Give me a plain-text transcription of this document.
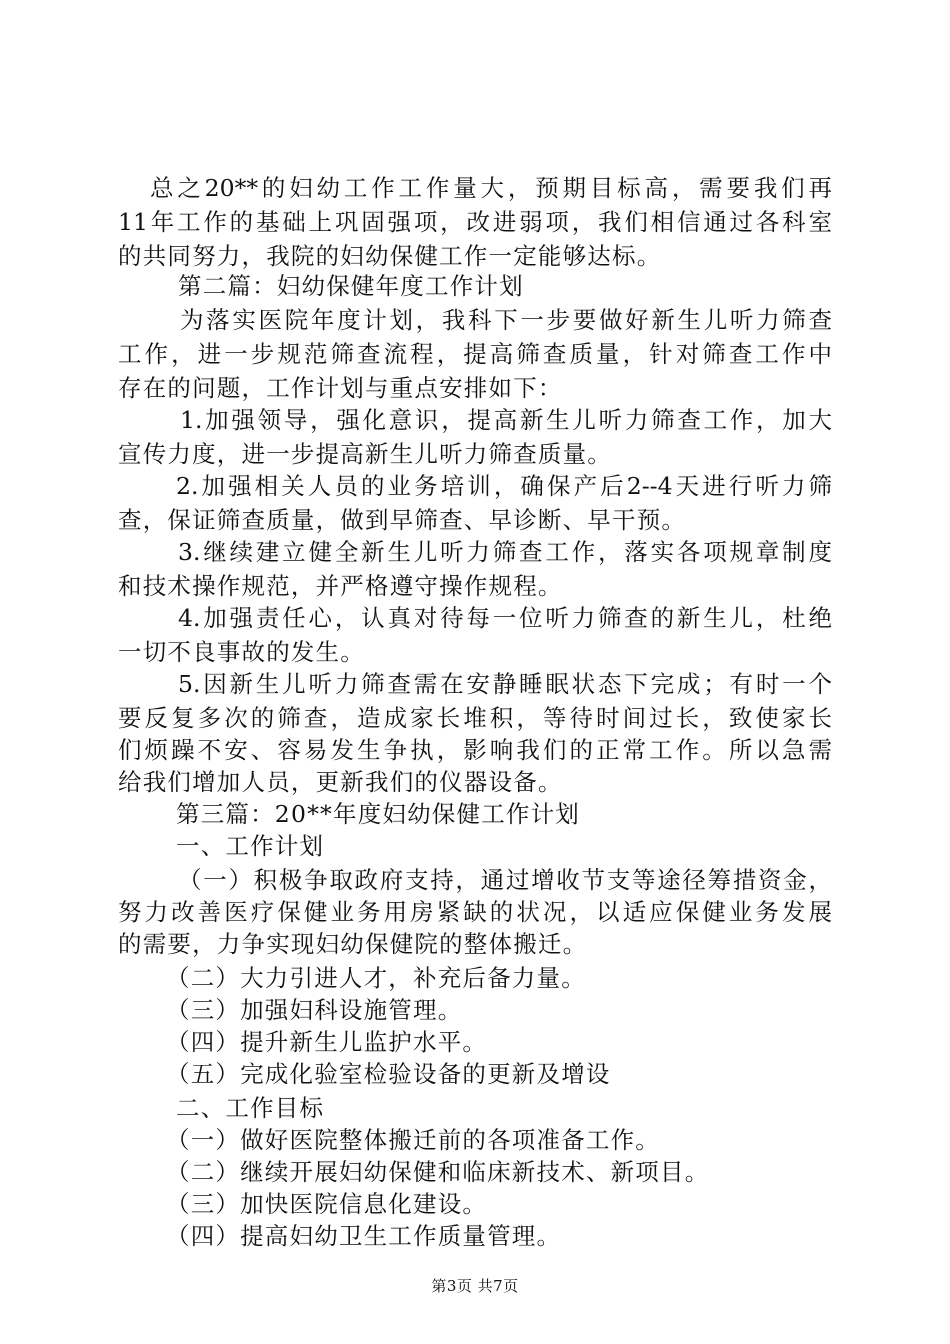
总之20**的妇幼工作工作量大，预期目标高，需要我们再
11年工作的基础上巩固强项，改进弱项，我们相信通过各科室
的共同努力，我院的妇幼保健工作一定能够达标。
第二篇：妇幼保健年度工作计划
为落实医院年度计划，我科下一步要做好新生儿听力筛查
工作，进一步规范筛查流程，提高筛查质量，针对筛查工作中
存在的问题，工作计划与重点安排如下：
1.加强领导，强化意识，提高新生儿听力筛查工作，加大
宣传力度，进一步提高新生儿听力筛查质量。
2.加强相关人员的业务培训，确保产后2--4天进行听力筛
查，保证筛查质量，做到早筛查、早诊断、早干预。
3.继续建立健全新生儿听力筛查工作，落实各项规章制度
和技术操作规范，并严格遵守操作规程。
4.加强责任心，认真对待每一位听力筛查的新生儿，杜绝
一切不良事故的发生。
5.因新生儿听力筛查需在安静睡眠状态下完成；有时一个
要反复多次的筛查，造成家长堆积，等待时间过长，致使家长
们烦躁不安、容易发生争执，影响我们的正常工作。所以急需
给我们增加人员，更新我们的仪器设备。
第三篇：20**年度妇幼保健工作计划
一、工作计划
（一）积极争取政府支持，通过增收节支等途径筹措资金，
努力改善医疗保健业务用房紧缺的状况，以适应保健业务发展
的需要，力争实现妇幼保健院的整体搬迁。
（二）大力引进人才，补充后备力量。
（三）加强妇科设施管理。
（四）提升新生儿监护水平。
（五）完成化验室检验设备的更新及增设
二、工作目标
（一）做好医院整体搬迁前的各项准备工作。
（二）继续开展妇幼保健和临床新技术、新项目。
（三）加快医院信息化建设。
（四）提高妇幼卫生工作质量管理。
第3页 共7页
